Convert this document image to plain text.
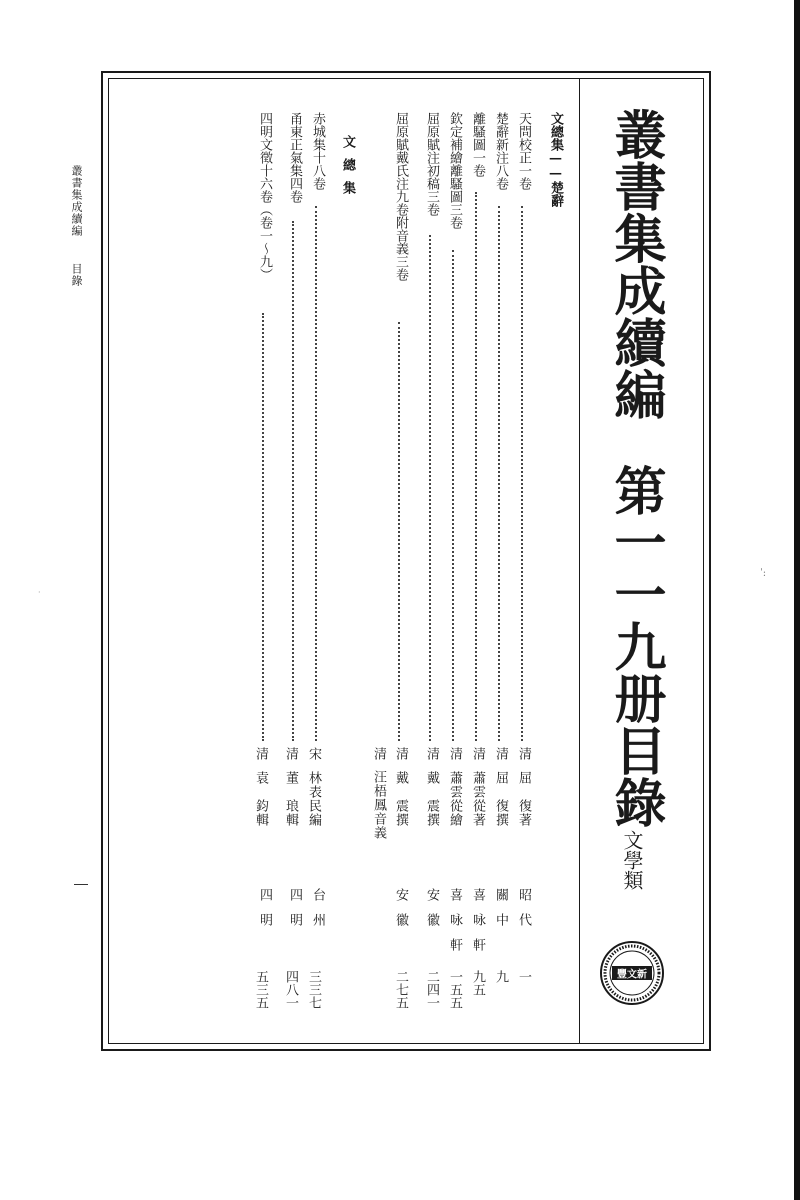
叢書集成續編目錄
ˈ:
·
叢書集成續編第一一九册目錄
文學類
豐文新
文總集——楚辭
天問校正一卷
清屈　復著
昭代
一
楚辭新注八卷
清屈　復撰
關中
九
離騷圖一卷
清蕭雲從著
喜咏軒
九五
欽定補繪離騷圖三卷
清蕭雲從繪
喜咏軒
一五五
屈原賦注初稿三卷
清戴　震撰
安徽
二四一
屈原賦戴氏注九卷附音義三卷
清戴　震撰
汪梧鳳音義
清
安徽
二七五
文總集
赤城集十八卷
宋林表民編
台州
三三七
甬東正氣集四卷
清董　琅輯
四明
四八一
四明文徵十六卷（卷一～九）
清袁　鈞輯
四明
五三五
